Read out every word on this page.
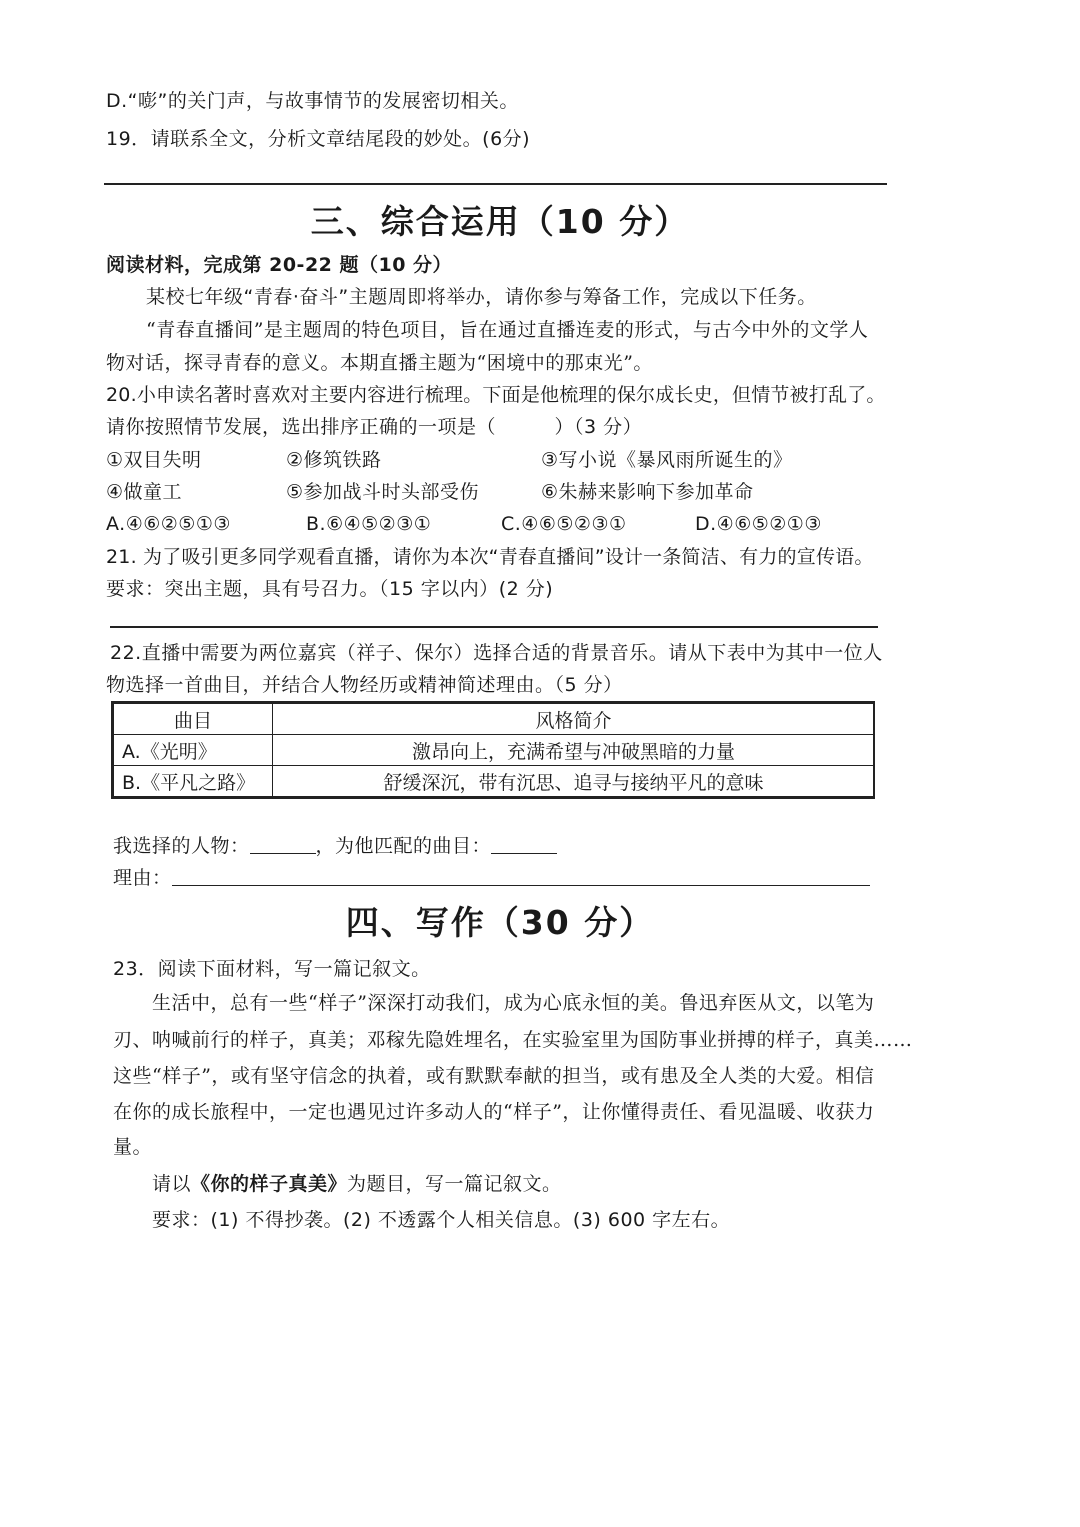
D.“嘭”的关门声，与故事情节的发展密切相关。
19．请联系全文，分析文章结尾段的妙处。(6分)
三、综合运用（10 分）
阅读材料，完成第 20-22 题（10 分）
某校七年级“青春·奋斗”主题周即将举办，请你参与筹备工作，完成以下任务。
“青春直播间”是主题周的特色项目，旨在通过直播连麦的形式，与古今中外的文学人
物对话，探寻青春的意义。本期直播主题为“困境中的那束光”。
20.小申读名著时喜欢对主要内容进行梳理。下面是他梳理的保尔成长史，但情节被打乱了。
请你按照情节发展，选出排序正确的一项是（　　　）（3 分）
①双目失明	②修筑铁路	③写小说《暴风雨所诞生的》
④做童工	⑤参加战斗时头部受伤	⑥朱赫来影响下参加革命
A.④⑥②⑤①③	B.⑥④⑤②③①	C.④⑥⑤②③①	D.④⑥⑤②①③
21. 为了吸引更多同学观看直播，请你为本次“青春直播间”设计一条简洁、有力的宣传语。
要求：突出主题，具有号召力。（15 字以内）(2 分)
22.直播中需要为两位嘉宾（祥子、保尔）选择合适的背景音乐。请从下表中为其中一位人
物选择一首曲目，并结合人物经历或精神简述理由。（5 分）
曲目	风格简介
A.《光明》	激昂向上，充满希望与冲破黑暗的力量
B.《平凡之路》	舒缓深沉，带有沉思、追寻与接纳平凡的意味
我选择的人物：	，为他匹配的曲目：
理由：
四、写作（30 分）
23．阅读下面材料，写一篇记叙文。
生活中，总有一些“样子”深深打动我们，成为心底永恒的美。鲁迅弃医从文，以笔为
刃、呐喊前行的样子，真美；邓稼先隐姓埋名，在实验室里为国防事业拼搏的样子，真美……
这些“样子”，或有坚守信念的执着，或有默默奉献的担当，或有患及全人类的大爱。相信
在你的成长旅程中，一定也遇见过许多动人的“样子”，让你懂得责任、看见温暖、收获力
量。
请以《你的样子真美》为题目，写一篇记叙文。
要求：(1) 不得抄袭。(2) 不透露个人相关信息。(3) 600 字左右。
